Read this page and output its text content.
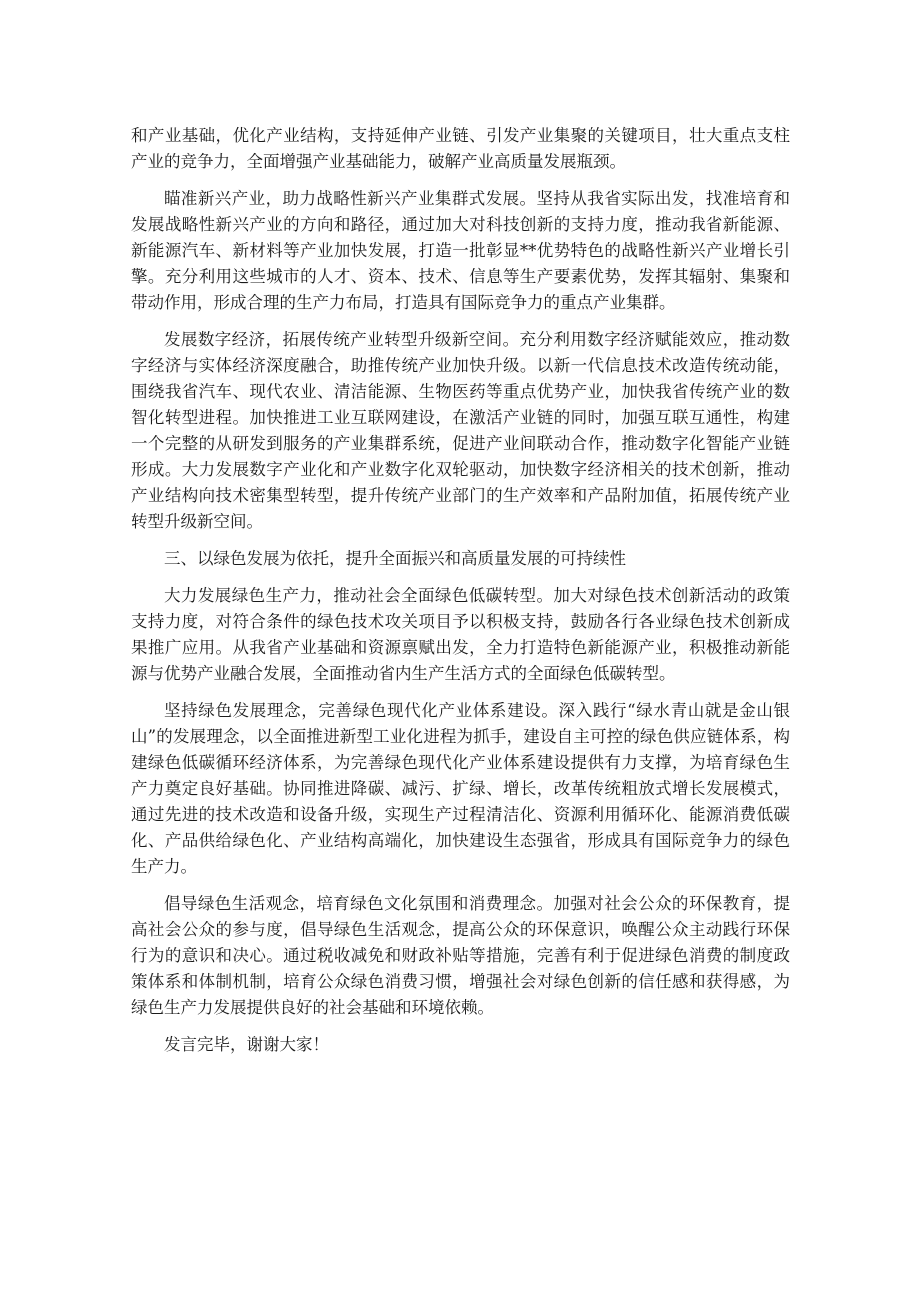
和产业基础，优化产业结构，支持延伸产业链、引发产业集聚的关键项目，壮大重点支柱产业的竞争力，全面增强产业基础能力，破解产业高质量发展瓶颈。

瞄准新兴产业，助力战略性新兴产业集群式发展。坚持从我省实际出发，找准培育和发展战略性新兴产业的方向和路径，通过加大对科技创新的支持力度，推动我省新能源、新能源汽车、新材料等产业加快发展，打造一批彰显**优势特色的战略性新兴产业增长引擎。充分利用这些城市的人才、资本、技术、信息等生产要素优势，发挥其辐射、集聚和带动作用，形成合理的生产力布局，打造具有国际竞争力的重点产业集群。

发展数字经济，拓展传统产业转型升级新空间。充分利用数字经济赋能效应，推动数字经济与实体经济深度融合，助推传统产业加快升级。以新一代信息技术改造传统动能，围绕我省汽车、现代农业、清洁能源、生物医药等重点优势产业，加快我省传统产业的数智化转型进程。加快推进工业互联网建设，在激活产业链的同时，加强互联互通性，构建一个完整的从研发到服务的产业集群系统，促进产业间联动合作，推动数字化智能产业链形成。大力发展数字产业化和产业数字化双轮驱动，加快数字经济相关的技术创新，推动产业结构向技术密集型转型，提升传统产业部门的生产效率和产品附加值，拓展传统产业转型升级新空间。

三、以绿色发展为依托，提升全面振兴和高质量发展的可持续性

大力发展绿色生产力，推动社会全面绿色低碳转型。加大对绿色技术创新活动的政策支持力度，对符合条件的绿色技术攻关项目予以积极支持，鼓励各行各业绿色技术创新成果推广应用。从我省产业基础和资源禀赋出发，全力打造特色新能源产业，积极推动新能源与优势产业融合发展，全面推动省内生产生活方式的全面绿色低碳转型。

坚持绿色发展理念，完善绿色现代化产业体系建设。深入践行“绿水青山就是金山银山”的发展理念，以全面推进新型工业化进程为抓手，建设自主可控的绿色供应链体系，构建绿色低碳循环经济体系，为完善绿色现代化产业体系建设提供有力支撑，为培育绿色生产力奠定良好基础。协同推进降碳、减污、扩绿、增长，改革传统粗放式增长发展模式，通过先进的技术改造和设备升级，实现生产过程清洁化、资源利用循环化、能源消费低碳化、产品供给绿色化、产业结构高端化，加快建设生态强省，形成具有国际竞争力的绿色生产力。

倡导绿色生活观念，培育绿色文化氛围和消费理念。加强对社会公众的环保教育，提高社会公众的参与度，倡导绿色生活观念，提高公众的环保意识，唤醒公众主动践行环保行为的意识和决心。通过税收减免和财政补贴等措施，完善有利于促进绿色消费的制度政策体系和体制机制，培育公众绿色消费习惯，增强社会对绿色创新的信任感和获得感，为绿色生产力发展提供良好的社会基础和环境依赖。

发言完毕，谢谢大家！
